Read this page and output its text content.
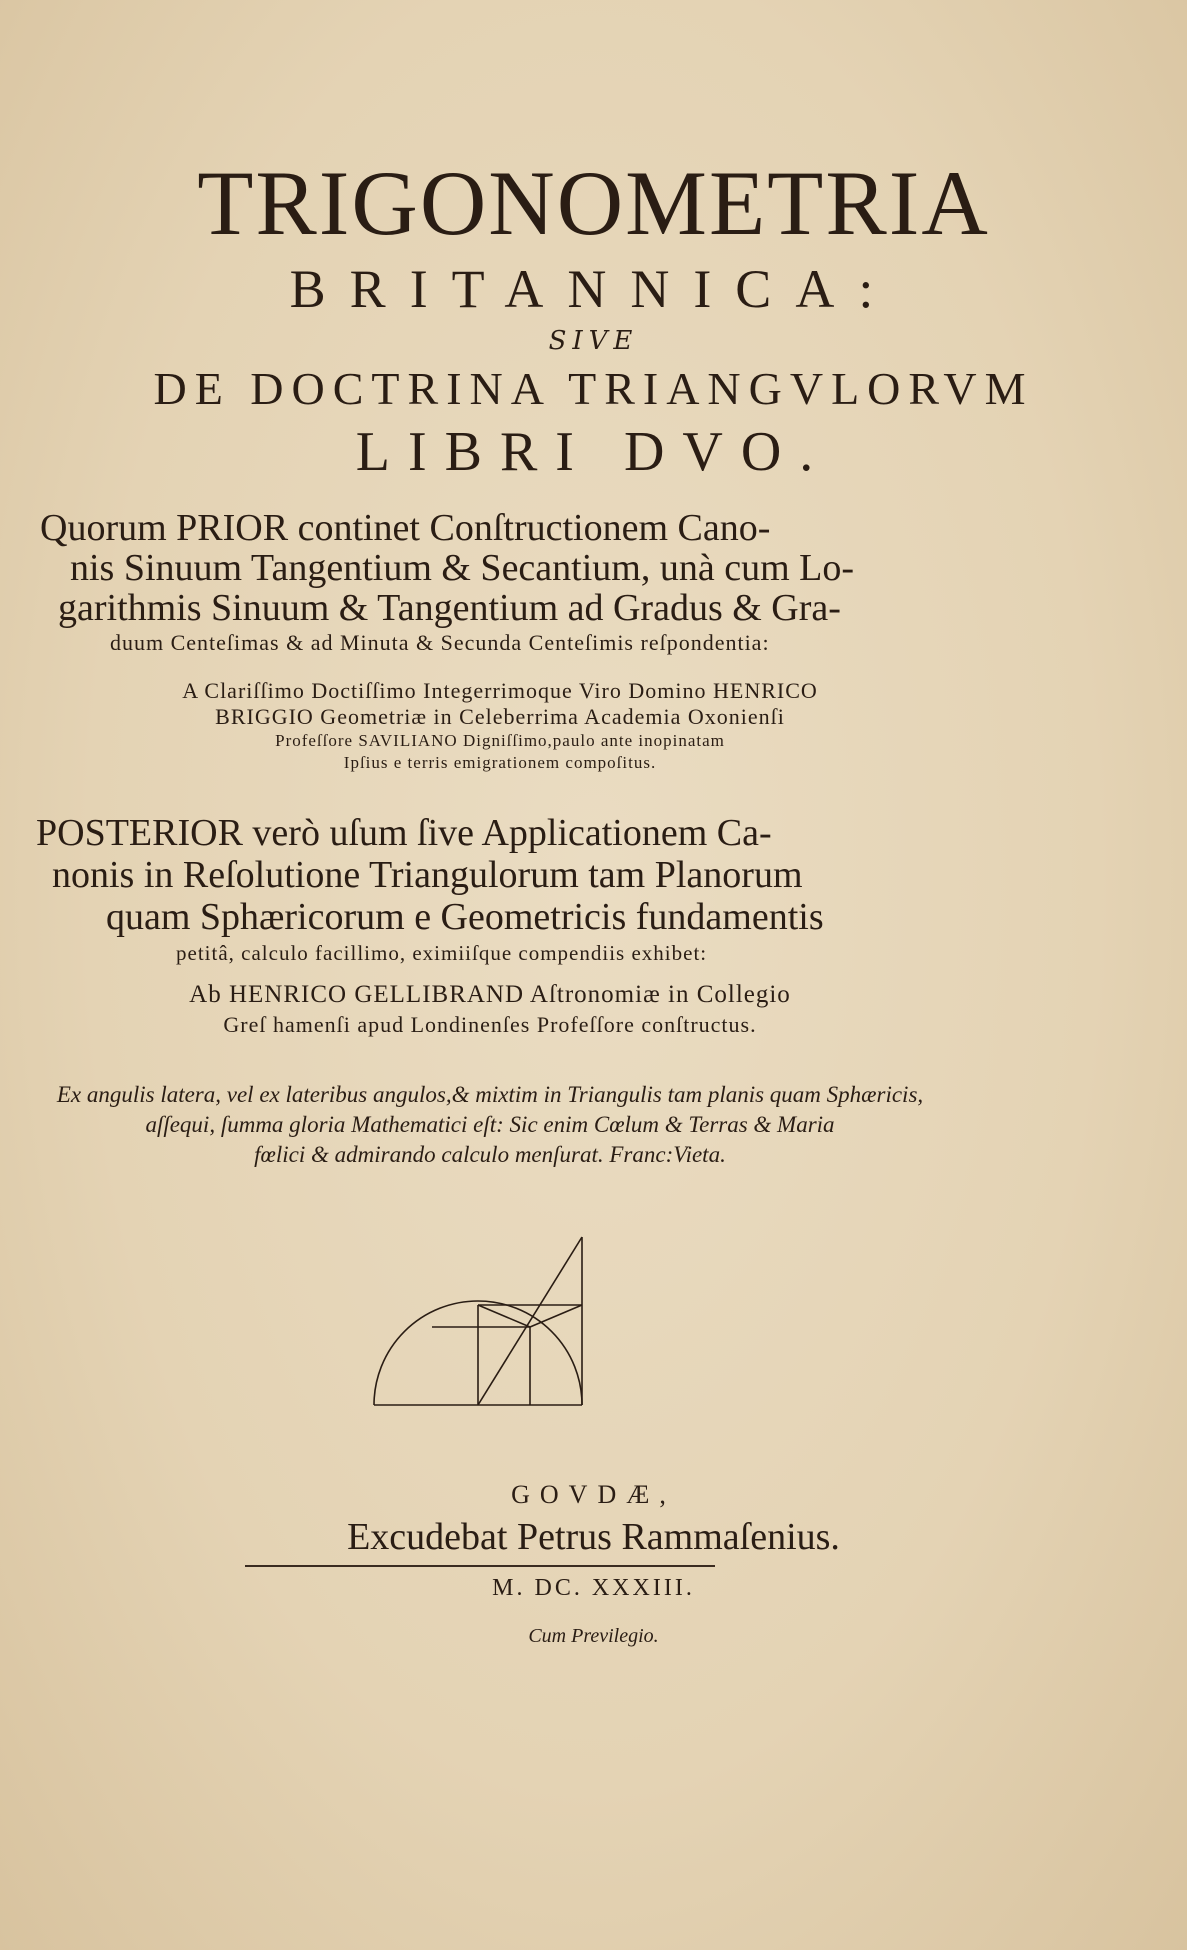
TRIGONOMETRIA
BRITANNICA:
SIVE
DE DOCTRINA TRIANGVLORVM
LIBRI DVO.
Quorum PRIOR continet Conſtructionem Cano-
nis Sinuum Tangentium & Secantium, unà cum Lo-
garithmis Sinuum & Tangentium ad Gradus & Gra-
duum Centeſimas & ad Minuta & Secunda Centeſimis reſpondentia:
A Clariſſimo Doctiſſimo Integerrimoque Viro Domino HENRICO
BRIGGIO Geometriæ in Celeberrima Academia Oxonienſi
Profeſſore SAVILIANO Digniſſimo,paulo ante inopinatam
Ipſius e terris emigrationem compoſitus.
POSTERIOR verò uſum ſive Applicationem Ca-
nonis in Reſolutione Triangulorum tam Planorum
quam Sphæricorum e Geometricis fundamentis
petitâ, calculo facillimo, eximiiſque compendiis exhibet:
Ab HENRICO GELLIBRAND Aſtronomiæ in Collegio
Greſ hamenſi apud Londinenſes Profeſſore conſtructus.
Ex angulis latera, vel ex lateribus angulos,& mixtim in Triangulis tam planis quam Sphæricis,
aſſequi, ſumma gloria Mathematici eſt: Sic enim Cœlum & Terras & Maria
fœlici & admirando calculo menſurat. Franc:Vieta.
GOVDÆ,
Excudebat Petrus Rammaſenius.
M. DC. XXXIII.
Cum Previlegio.
